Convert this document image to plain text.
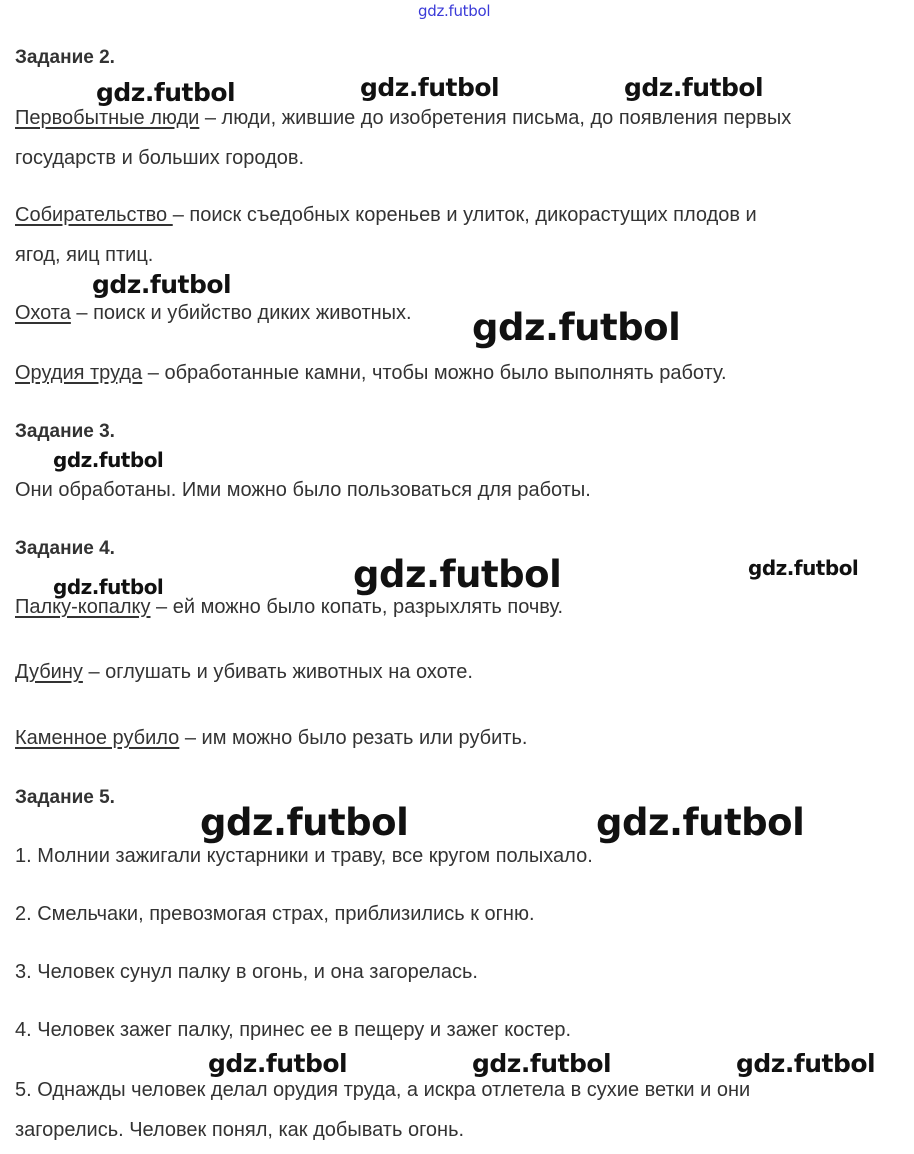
gdz.futbol
Задание 2.
Первобытные люди – люди, жившие до изобретения письма, до появления первых
государств и больших городов.
Собирательство – поиск съедобных кореньев и улиток, дикорастущих плодов и
ягод, яиц птиц.
Охота – поиск и убийство диких животных.
Орудия труда – обработанные камни, чтобы можно было выполнять работу.
Задание 3.
Они обработаны. Ими можно было пользоваться для работы.
Задание 4.
Палку-копалку – ей можно было копать, разрыхлять почву.
Дубину – оглушать и убивать животных на охоте.
Каменное рубило – им можно было резать или рубить.
Задание 5.
1. Молнии зажигали кустарники и траву, все кругом полыхало.
2. Смельчаки, превозмогая страх, приблизились к огню.
3. Человек сунул палку в огонь, и она загорелась.
4. Человек зажег палку, принес ее в пещеру и зажег костер.
5. Однажды человек делал орудия труда, а искра отлетела в сухие ветки и они
загорелись. Человек понял, как добывать огонь.
gdz.futbol	gdz.futbol	gdz.futbol
gdz.futbol
gdz.futbol
gdz.futbol
gdz.futbol	gdz.futbol
gdz.futbol
gdz.futbol	gdz.futbol
gdz.futbol	gdz.futbol	gdz.futbol
